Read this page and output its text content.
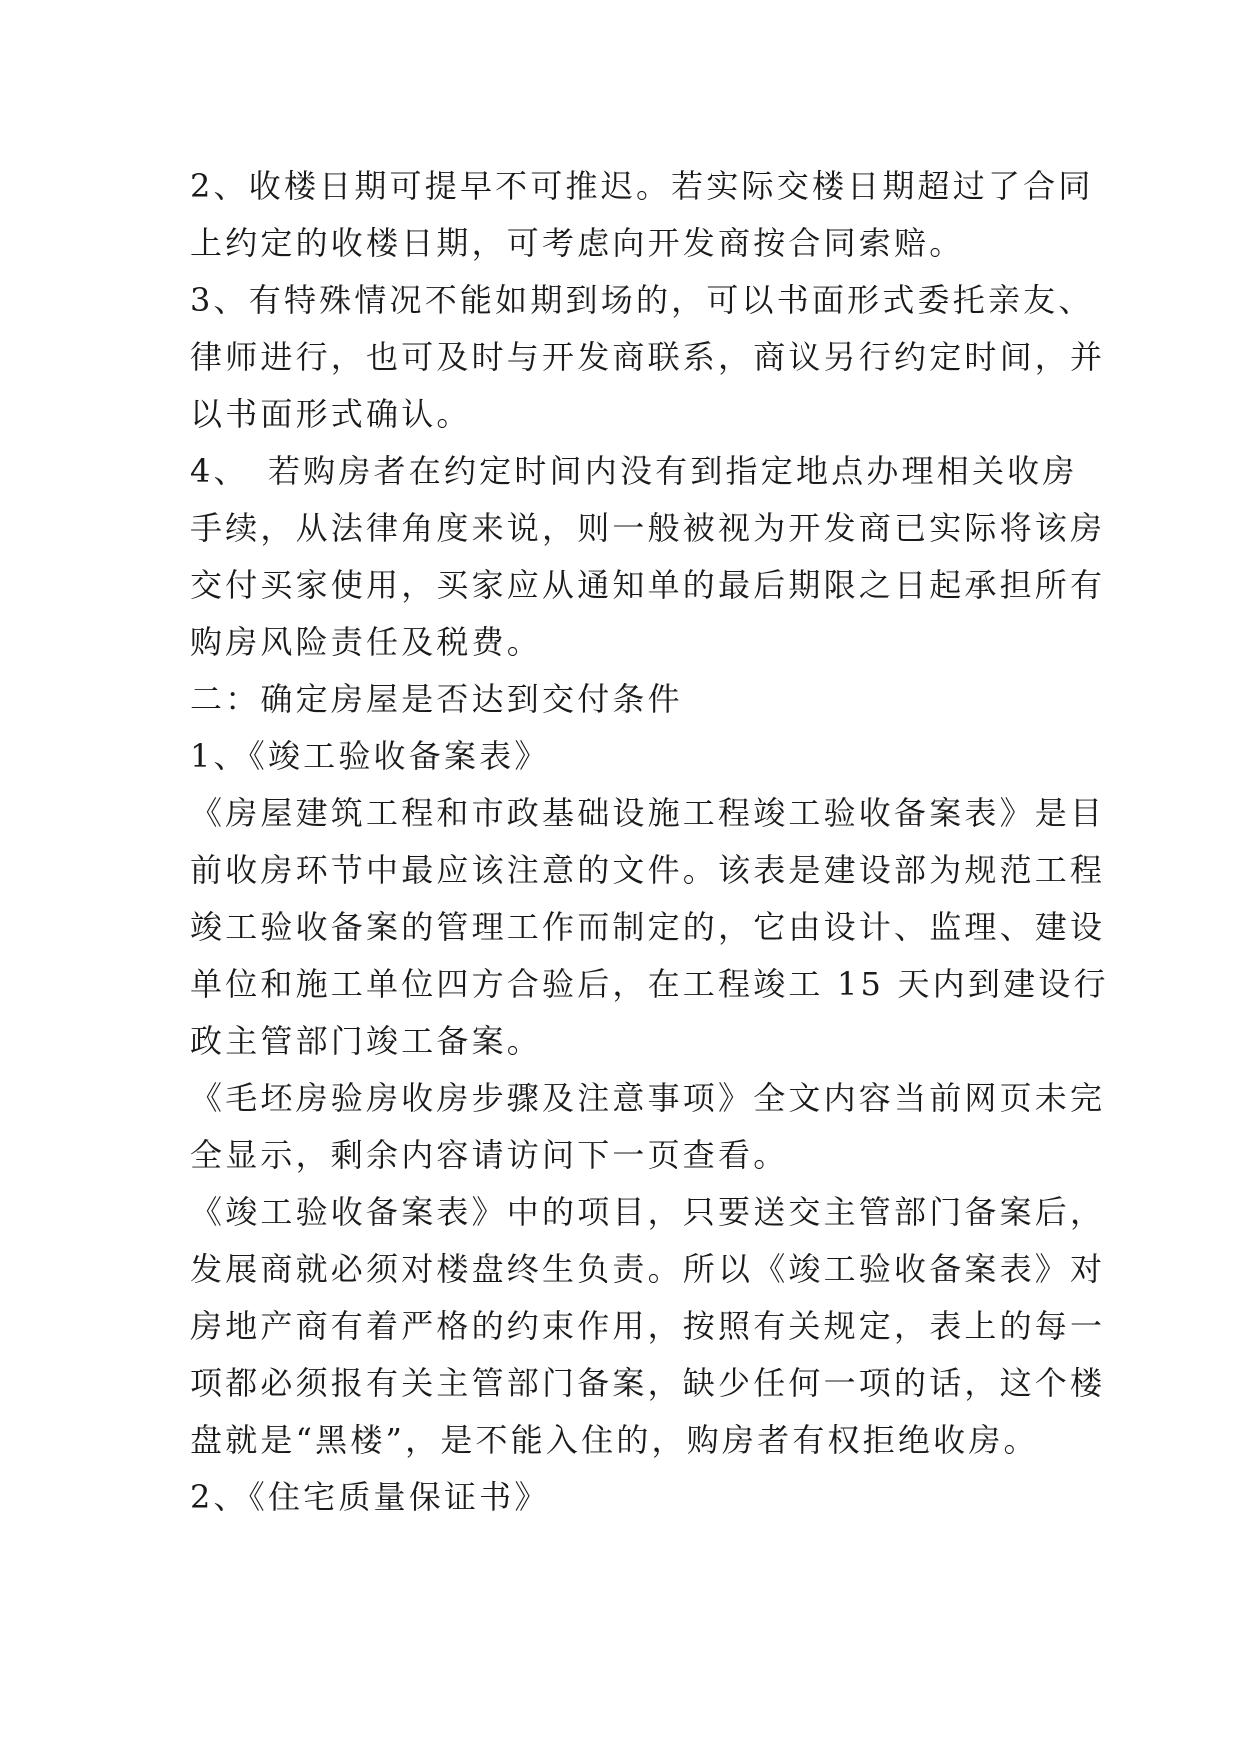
2、收楼日期可提早不可推迟。若实际交楼日期超过了合同
上约定的收楼日期，可考虑向开发商按合同索赔。
3、有特殊情况不能如期到场的，可以书面形式委托亲友、
律师进行，也可及时与开发商联系，商议另行约定时间，并
以书面形式确认。
4、　若购房者在约定时间内没有到指定地点办理相关收房
手续，从法律角度来说，则一般被视为开发商已实际将该房
交付买家使用，买家应从通知单的最后期限之日起承担所有
购房风险责任及税费。
二：确定房屋是否达到交付条件
1、《竣工验收备案表》
《房屋建筑工程和市政基础设施工程竣工验收备案表》是目
前收房环节中最应该注意的文件。该表是建设部为规范工程
竣工验收备案的管理工作而制定的，它由设计、监理、建设
单位和施工单位四方合验后，在工程竣工 15 天内到建设行
政主管部门竣工备案。
《毛坯房验房收房步骤及注意事项》全文内容当前网页未完
全显示，剩余内容请访问下一页查看。
《竣工验收备案表》中的项目，只要送交主管部门备案后，
发展商就必须对楼盘终生负责。所以《竣工验收备案表》对
房地产商有着严格的约束作用，按照有关规定，表上的每一
项都必须报有关主管部门备案，缺少任何一项的话，这个楼
盘就是“黑楼”，是不能入住的，购房者有权拒绝收房。
2、《住宅质量保证书》
